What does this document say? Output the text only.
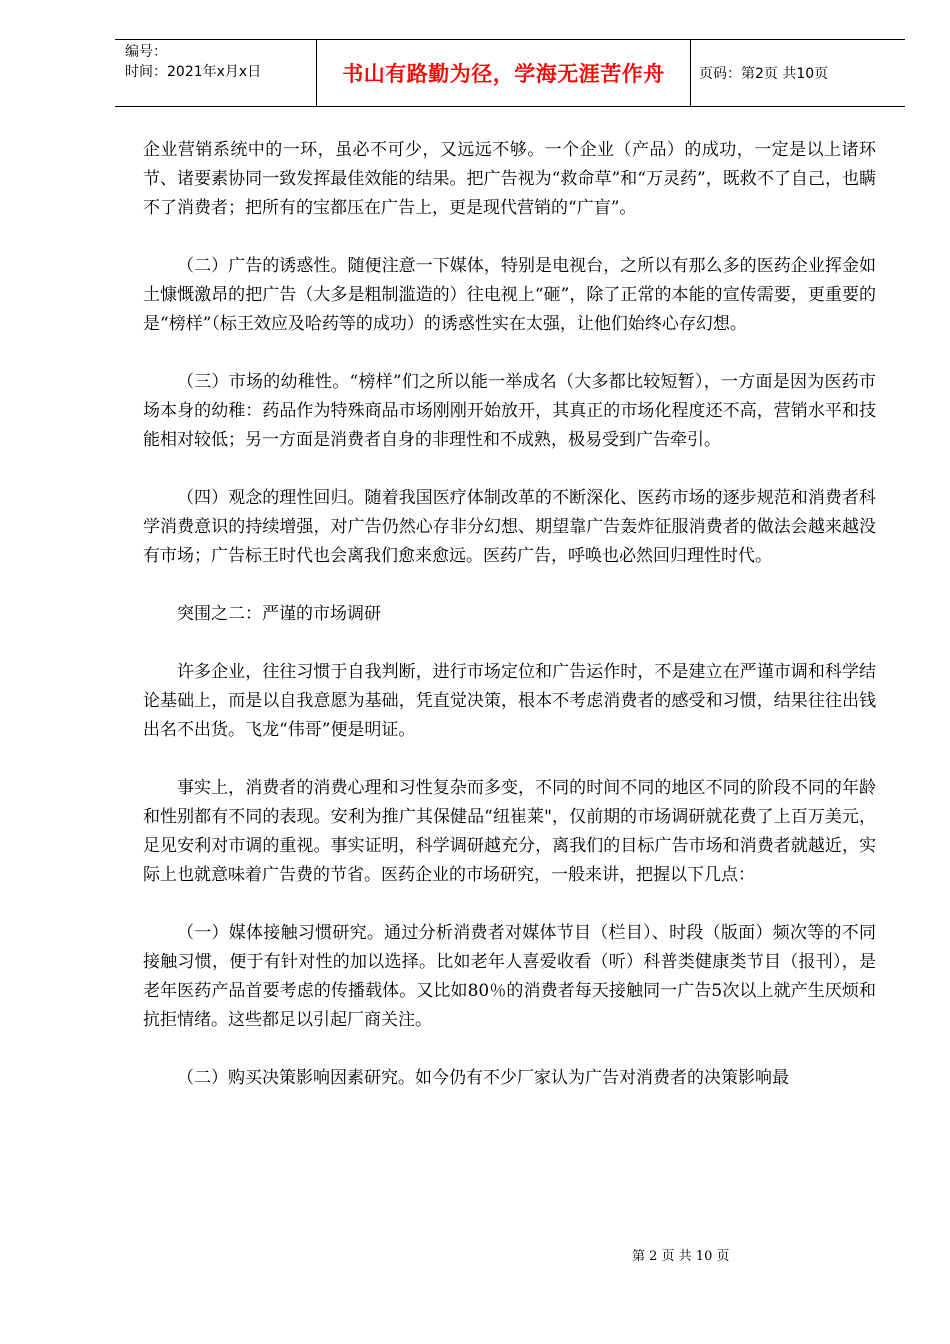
编号：
时间：2021年x月x日	书山有路勤为径，学海无涯苦作舟	页码：第2页 共10页

企业营销系统中的一环，虽必不可少，又远远不够。一个企业（产品）的成功，一定是以上诸环节、诸要素协同一致发挥最佳效能的结果。把广告视为“救命草”和“万灵药”，既救不了自己，也瞒不了消费者；把所有的宝都压在广告上，更是现代营销的“广盲”。

（二）广告的诱惑性。随便注意一下媒体，特别是电视台，之所以有那么多的医药企业挥金如土慷慨激昂的把广告（大多是粗制滥造的）往电视上“砸”，除了正常的本能的宣传需要，更重要的是“榜样”（标王效应及哈药等的成功）的诱惑性实在太强，让他们始终心存幻想。

（三）市场的幼稚性。“榜样”们之所以能一举成名（大多都比较短暂），一方面是因为医药市场本身的幼稚：药品作为特殊商品市场刚刚开始放开，其真正的市场化程度还不高，营销水平和技能相对较低；另一方面是消费者自身的非理性和不成熟，极易受到广告牵引。

（四）观念的理性回归。随着我国医疗体制改革的不断深化、医药市场的逐步规范和消费者科学消费意识的持续增强，对广告仍然心存非分幻想、期望靠广告轰炸征服消费者的做法会越来越没有市场；广告标王时代也会离我们愈来愈远。医药广告，呼唤也必然回归理性时代。

突围之二：严谨的市场调研

许多企业，往往习惯于自我判断，进行市场定位和广告运作时，不是建立在严谨市调和科学结论基础上，而是以自我意愿为基础，凭直觉决策，根本不考虑消费者的感受和习惯，结果往往出钱出名不出货。飞龙“伟哥”便是明证。

事实上，消费者的消费心理和习性复杂而多变，不同的时间不同的地区不同的阶段不同的年龄和性别都有不同的表现。安利为推广其保健品“纽崔莱"，仅前期的市场调研就花费了上百万美元，足见安利对市调的重视。事实证明，科学调研越充分，离我们的目标广告市场和消费者就越近，实际上也就意味着广告费的节省。医药企业的市场研究，一般来讲，把握以下几点：

（一）媒体接触习惯研究。通过分析消费者对媒体节目（栏目）、时段（版面）频次等的不同接触习惯，便于有针对性的加以选择。比如老年人喜爱收看（听）科普类健康类节目（报刊），是老年医药产品首要考虑的传播载体。又比如80％的消费者每天接触同一广告5次以上就产生厌烦和抗拒情绪。这些都足以引起厂商关注。

（二）购买决策影响因素研究。如今仍有不少厂家认为广告对消费者的决策影响最

第 2 页 共 10 页
